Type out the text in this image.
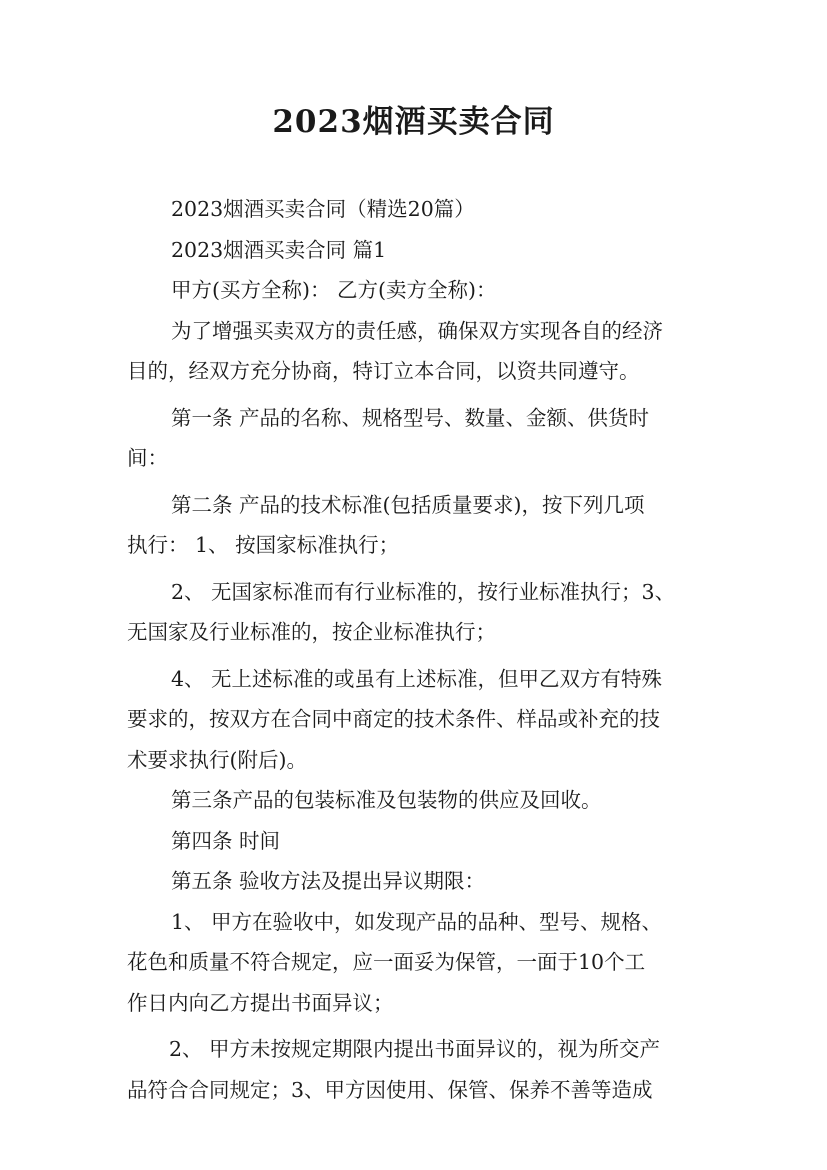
2023烟酒买卖合同
2023烟酒买卖合同（精选20篇）
2023烟酒买卖合同 篇1
甲方(买方全称)： 乙方(卖方全称)：
为了增强买卖双方的责任感，确保双方实现各自的经济
目的，经双方充分协商，特订立本合同，以资共同遵守。
第一条 产品的名称、规格型号、数量、金额、供货时
间：
第二条 产品的技术标准(包括质量要求)，按下列几项
执行： 1、 按国家标准执行；
2、 无国家标准而有行业标准的，按行业标准执行；3、
无国家及行业标准的，按企业标准执行；
4、 无上述标准的或虽有上述标准，但甲乙双方有特殊
要求的，按双方在合同中商定的技术条件、样品或补充的技
术要求执行(附后)。
第三条产品的包装标准及包装物的供应及回收。
第四条 时间
第五条 验收方法及提出异议期限：
1、 甲方在验收中，如发现产品的品种、型号、规格、
花色和质量不符合规定，应一面妥为保管，一面于10个工
作日内向乙方提出书面异议；
2、 甲方未按规定期限内提出书面异议的，视为所交产
品符合合同规定；3、甲方因使用、保管、保养不善等造成
